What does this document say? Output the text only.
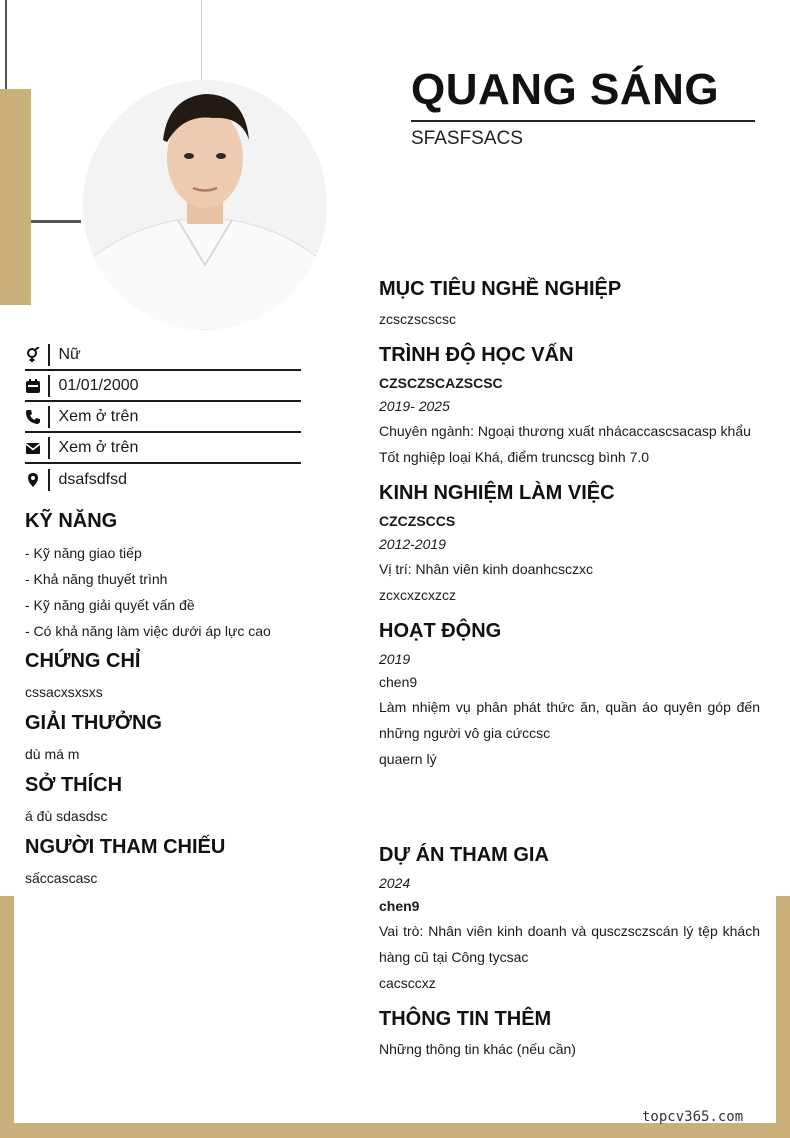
QUANG SÁNG
SFASFSACS
Nữ
01/01/2000
Xem ở trên
Xem ở trên
dsafsdfsd
KỸ NĂNG

- Kỹ năng giao tiếp

- Khả năng thuyết trình

- Kỹ năng giải quyết vấn đề

- Có khả năng làm việc dưới áp lực cao

CHỨNG CHỈ

cssacxsxsxs

GIẢI THƯỞNG

dù má m

SỞ THÍCH

á đù sdasdsc

NGƯỜI THAM CHIẾU

sấccascasc

MỤC TIÊU NGHỀ NGHIỆP

zcsczscscsc

TRÌNH ĐỘ HỌC VẤN

CZSCZSCAZSCSC

2019- 2025

Chuyên ngành: Ngoại thương xuất nhácaccascsacasp khẩu

Tốt nghiệp loại Khá, điểm truncscg bình 7.0

KINH NGHIỆM LÀM VIỆC

CZCZSCCS

2012-2019

Vị trí: Nhân viên kinh doanhcsczxc

zcxcxzcxzcz

HOẠT ĐỘNG

2019

chen9

Làm nhiệm vụ phân phát thức ăn, quần áo quyên góp đến những người vô gia cứccsc

quaern lý

DỰ ÁN THAM GIA

2024

chen9

Vai trò: Nhân viên kinh doanh và qusczsczscán lý tệp khách hàng cũ tại Công tycsac

cacsccxz

THÔNG TIN THÊM

Những thông tin khác (nếu cần)

topcv365.com
